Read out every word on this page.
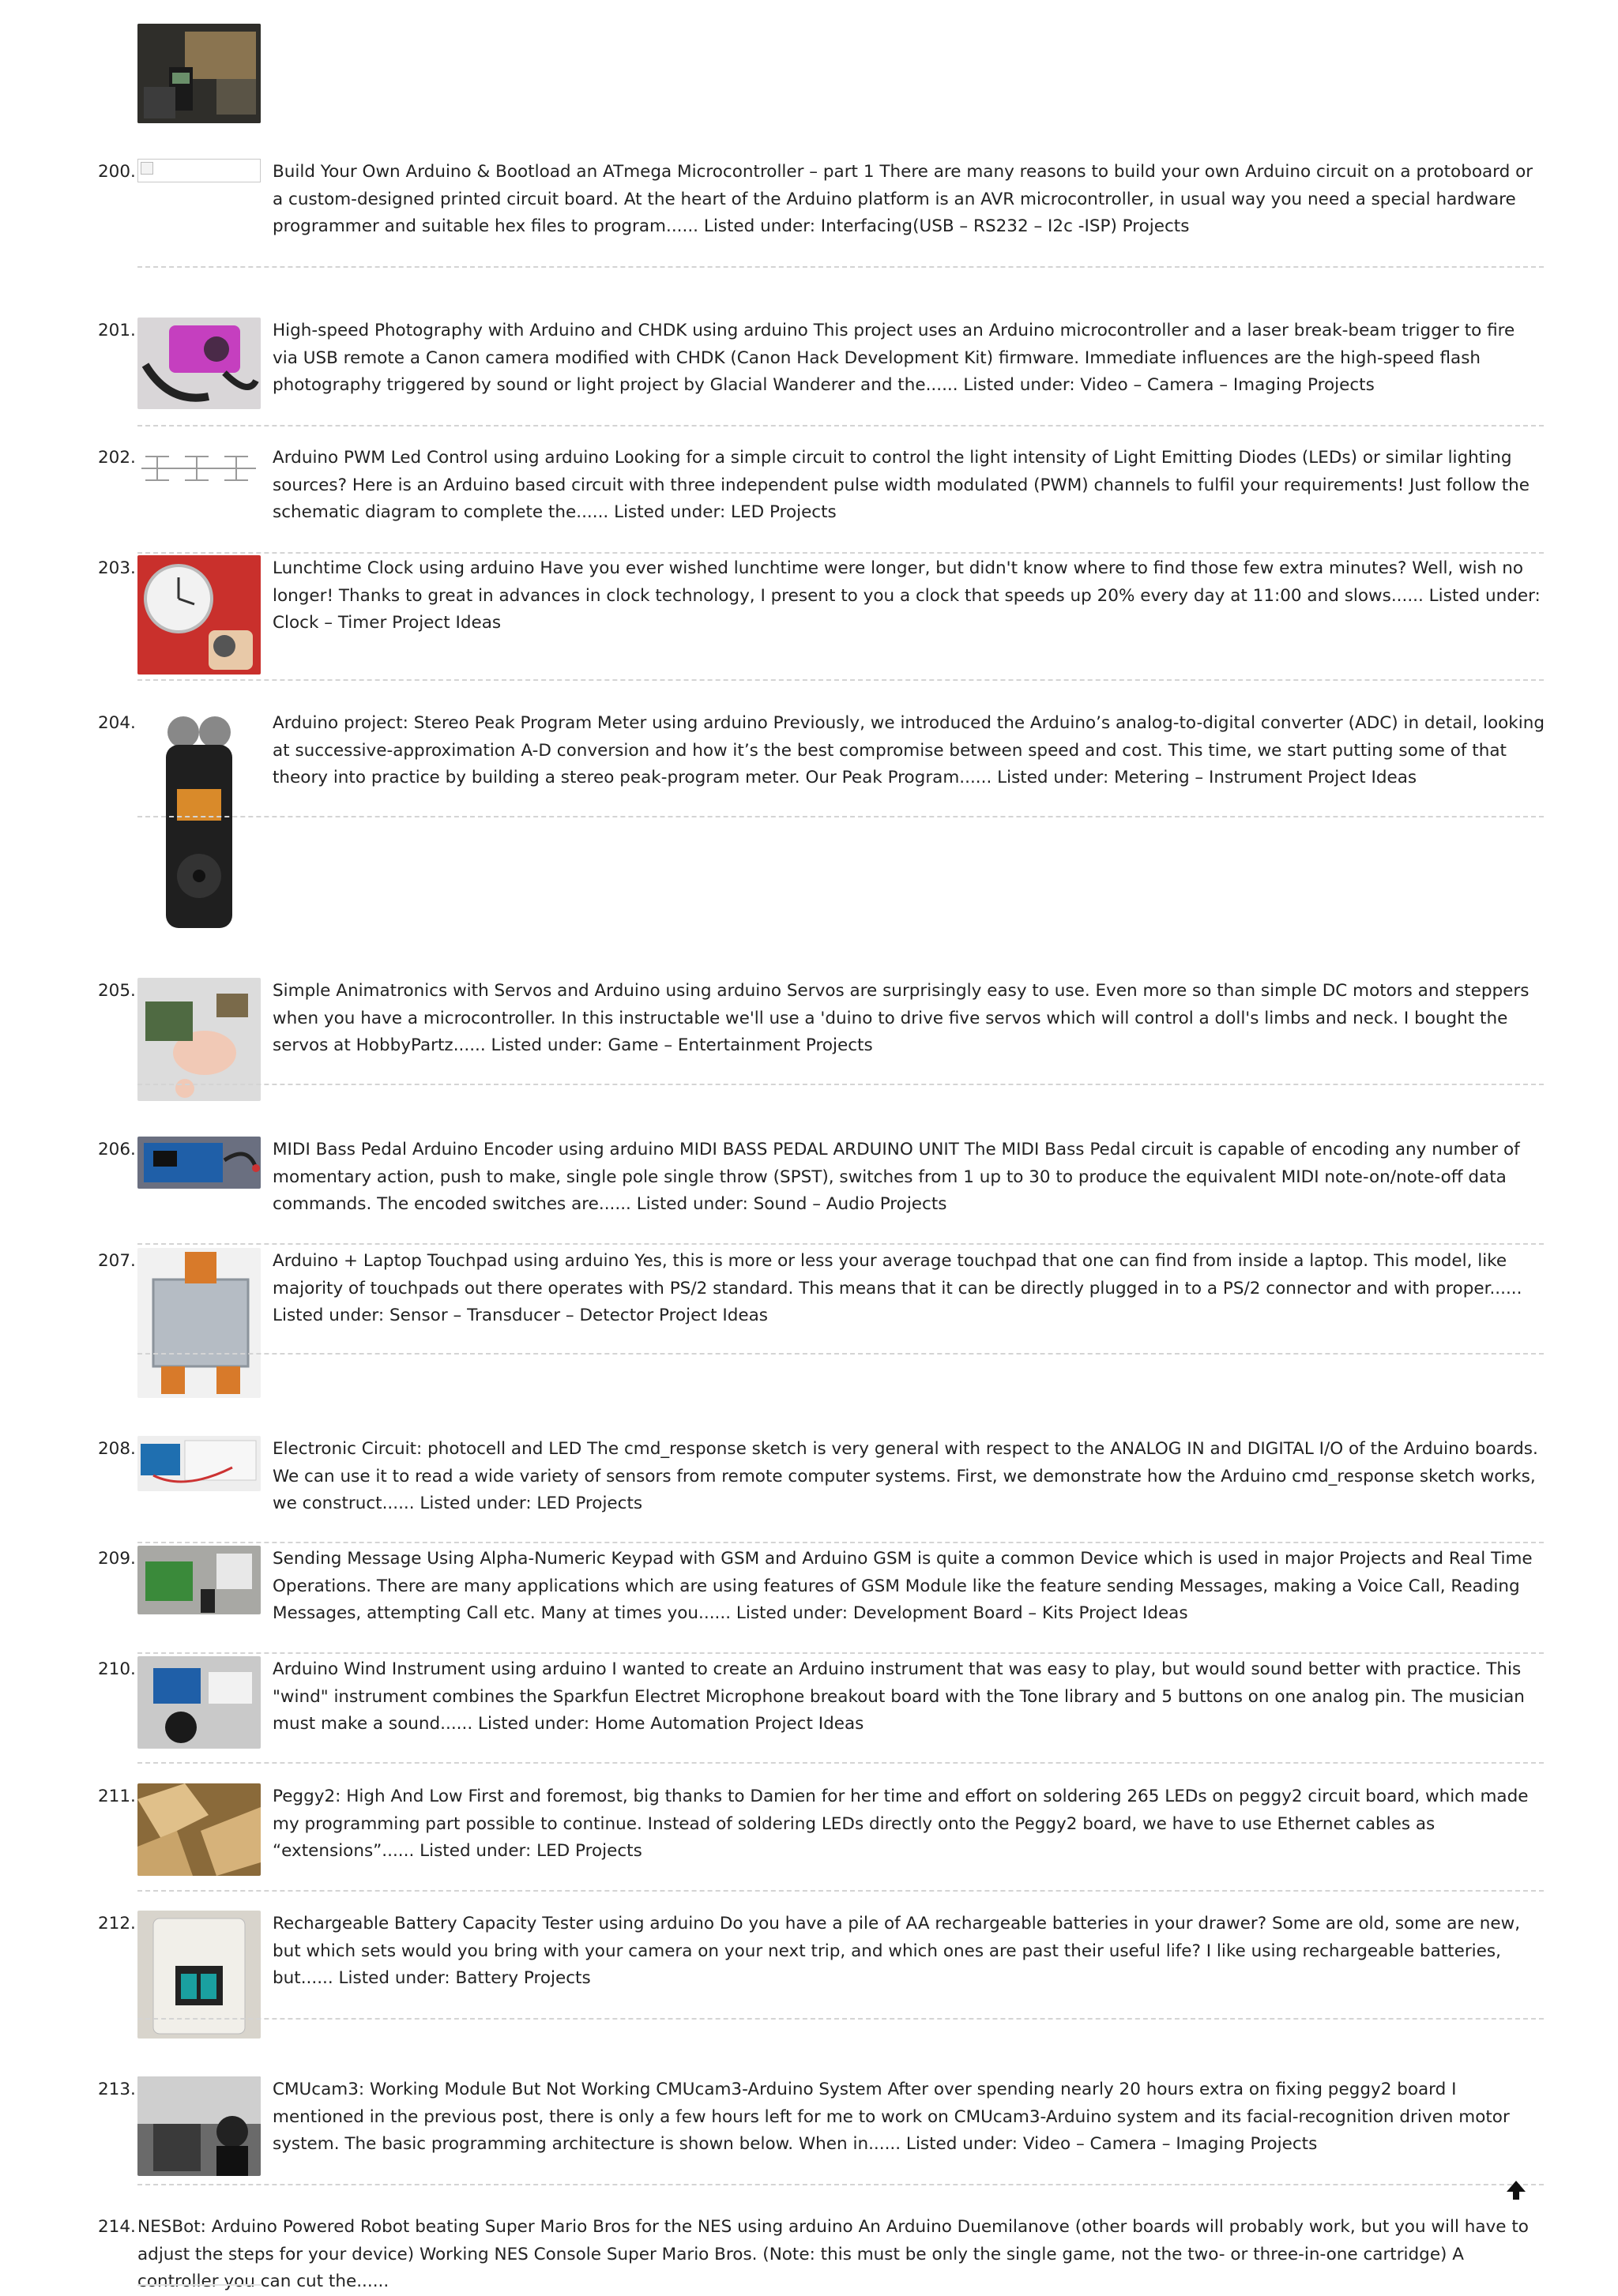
200.	Build Your Own Arduino & Bootload an ATmega Microcontroller – part 1 There are many reasons to build your own Arduino circuit on a protoboard or a custom-designed printed circuit board. At the heart of the Arduino platform is an AVR microcontroller, in usual way you need a special hardware programmer and suitable hex files to program...... Listed under: Interfacing(USB – RS232 – I2c -ISP) Projects

201.	High-speed Photography with Arduino and CHDK using arduino This project uses an Arduino microcontroller and a laser break-beam trigger to fire via USB remote a Canon camera modified with CHDK (Canon Hack Development Kit) firmware. Immediate influences are the high-speed flash photography triggered by sound or light project by Glacial Wanderer and the...... Listed under: Video – Camera – Imaging Projects

202.	Arduino PWM Led Control using arduino Looking for a simple circuit to control the light intensity of Light Emitting Diodes (LEDs) or similar lighting sources? Here is an Arduino based circuit with three independent pulse width modulated (PWM) channels to fulfil your requirements! Just follow the schematic diagram to complete the...... Listed under: LED Projects

203.	Lunchtime Clock using arduino Have you ever wished lunchtime were longer, but didn't know where to find those few extra minutes? Well, wish no longer! Thanks to great in advances in clock technology, I present to you a clock that speeds up 20% every day at 11:00 and slows...... Listed under: Clock – Timer Project Ideas

204.	Arduino project: Stereo Peak Program Meter using arduino Previously, we introduced the Arduino’s analog-to-digital converter (ADC) in detail, looking at successive-approximation A-D conversion and how it’s the best compromise between speed and cost. This time, we start putting some of that theory into practice by building a stereo peak-program meter. Our Peak Program...... Listed under: Metering – Instrument Project Ideas

205.	Simple Animatronics with Servos and Arduino using arduino Servos are surprisingly easy to use. Even more so than simple DC motors and steppers when you have a microcontroller. In this instructable we'll use a 'duino to drive five servos which will control a doll's limbs and neck. I bought the servos at HobbyPartz...... Listed under: Game – Entertainment Projects

206.	MIDI Bass Pedal Arduino Encoder using arduino MIDI BASS PEDAL ARDUINO UNIT The MIDI Bass Pedal circuit is capable of encoding any number of momentary action, push to make, single pole single throw (SPST), switches from 1 up to 30 to produce the equivalent MIDI note-on/note-off data commands. The encoded switches are...... Listed under: Sound – Audio Projects

207.	Arduino + Laptop Touchpad using arduino Yes, this is more or less your average touchpad that one can find from inside a laptop. This model, like majority of touchpads out there operates with PS/2 standard. This means that it can be directly plugged in to a PS/2 connector and with proper...... Listed under: Sensor – Transducer – Detector Project Ideas

208.	Electronic Circuit: photocell and LED The cmd_response sketch is very general with respect to the ANALOG IN and DIGITAL I/O of the Arduino boards. We can use it to read a wide variety of sensors from remote computer systems. First, we demonstrate how the Arduino cmd_response sketch works, we construct...... Listed under: LED Projects

209.	Sending Message Using Alpha-Numeric Keypad with GSM and Arduino GSM is quite a common Device which is used in major Projects and Real Time Operations. There are many applications which are using features of GSM Module like the feature sending Messages, making a Voice Call, Reading Messages, attempting Call etc. Many at times you...... Listed under: Development Board – Kits Project Ideas

210.	Arduino Wind Instrument using arduino I wanted to create an Arduino instrument that was easy to play, but would sound better with practice. This "wind" instrument combines the Sparkfun Electret Microphone breakout board with the Tone library and 5 buttons on one analog pin. The musician must make a sound...... Listed under: Home Automation Project Ideas

211.	Peggy2: High And Low First and foremost, big thanks to Damien for her time and effort on soldering 265 LEDs on peggy2 circuit board, which made my programming part possible to continue. Instead of soldering LEDs directly onto the Peggy2 board, we have to use Ethernet cables as “extensions”...... Listed under: LED Projects

212.	Rechargeable Battery Capacity Tester using arduino Do you have a pile of AA rechargeable batteries in your drawer? Some are old, some are new, but which sets would you bring with your camera on your next trip, and which ones are past their useful life? I like using rechargeable batteries, but...... Listed under: Battery Projects

213.	CMUcam3: Working Module But Not Working CMUcam3-Arduino System After over spending nearly 20 hours extra on fixing peggy2 board I mentioned in the previous post, there is only a few hours left for me to work on CMUcam3-Arduino system and its facial-recognition driven motor system. The basic programming architecture is shown below. When in...... Listed under: Video – Camera – Imaging Projects

214. NESBot: Arduino Powered Robot beating Super Mario Bros for the NES using arduino An Arduino Duemilanove (other boards will probably work, but you will have to adjust the steps for your device) Working NES Console Super Mario Bros. (Note: this must be only the single game, not the two- or three-in-one cartridge) A controller you can cut the......
